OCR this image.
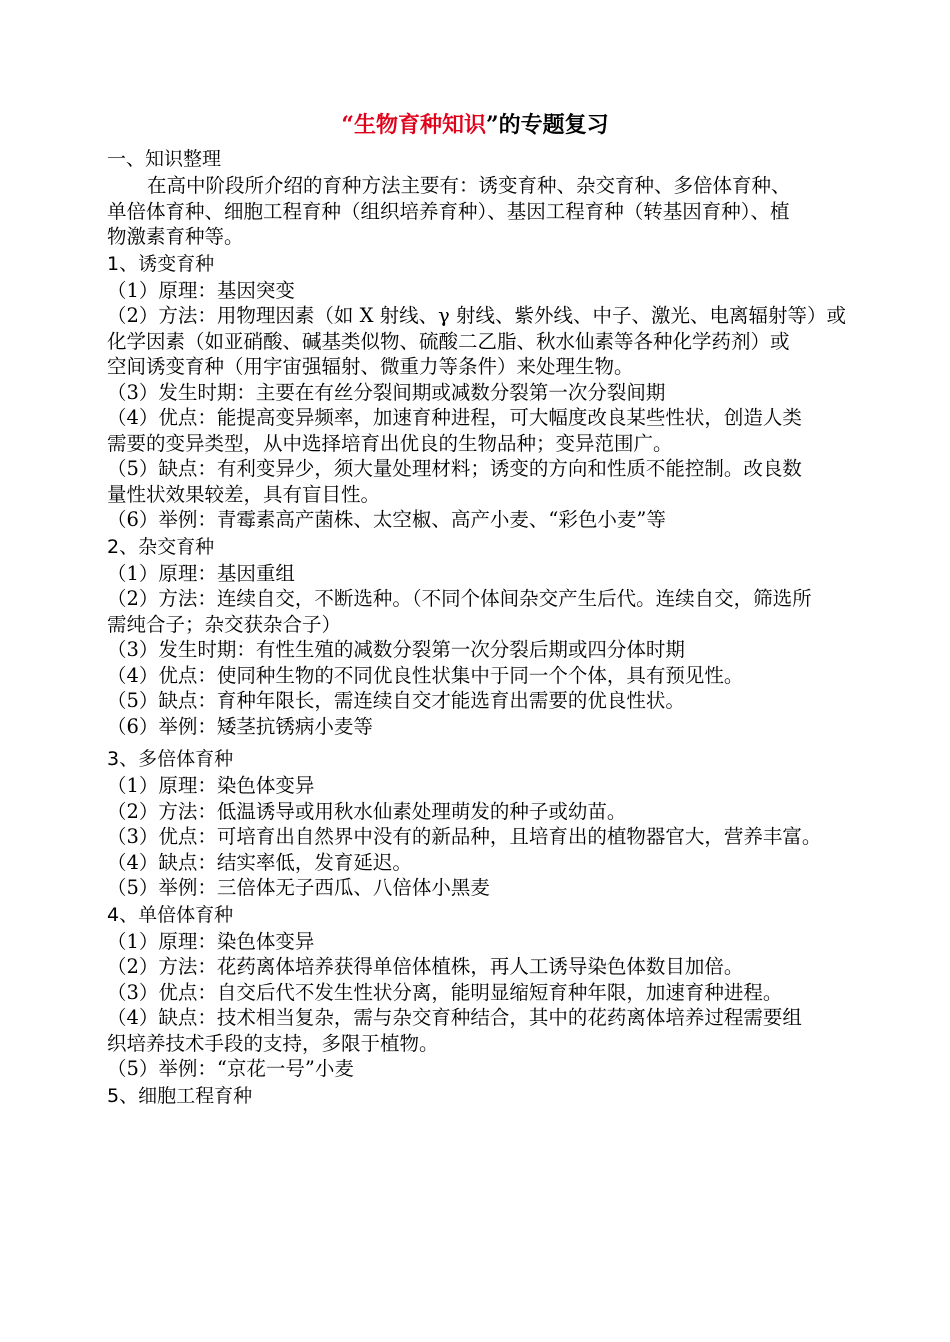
“生物育种知识”的专题复习
一、知识整理
在高中阶段所介绍的育种方法主要有：诱变育种、杂交育种、多倍体育种、
单倍体育种、细胞工程育种（组织培养育种）、基因工程育种（转基因育种）、植
物激素育种等。
1、诱变育种
（1）原理：基因突变
（2）方法：用物理因素（如 X 射线、γ 射线、紫外线、中子、激光、电离辐射等）或
化学因素（如亚硝酸、碱基类似物、硫酸二乙脂、秋水仙素等各种化学药剂）或
空间诱变育种（用宇宙强辐射、微重力等条件）来处理生物。
（3）发生时期：主要在有丝分裂间期或减数分裂第一次分裂间期
（4）优点：能提高变异频率，加速育种进程，可大幅度改良某些性状，创造人类
需要的变异类型，从中选择培育出优良的生物品种；变异范围广。
（5）缺点：有利变异少，须大量处理材料；诱变的方向和性质不能控制。改良数
量性状效果较差，具有盲目性。
（6）举例：青霉素高产菌株、太空椒、高产小麦、“彩色小麦”等
2、杂交育种
（1）原理：基因重组
（2）方法：连续自交，不断选种。（不同个体间杂交产生后代。连续自交，筛选所
需纯合子；杂交获杂合子）
（3）发生时期：有性生殖的减数分裂第一次分裂后期或四分体时期
（4）优点：使同种生物的不同优良性状集中于同一个个体，具有预见性。
（5）缺点：育种年限长，需连续自交才能选育出需要的优良性状。
（6）举例：矮茎抗锈病小麦等
3、多倍体育种
（1）原理：染色体变异
（2）方法：低温诱导或用秋水仙素处理萌发的种子或幼苗。
（3）优点：可培育出自然界中没有的新品种，且培育出的植物器官大，营养丰富。
（4）缺点：结实率低，发育延迟。
（5）举例：三倍体无子西瓜、八倍体小黑麦
4、单倍体育种
（1）原理：染色体变异
（2）方法：花药离体培养获得单倍体植株，再人工诱导染色体数目加倍。
（3）优点：自交后代不发生性状分离，能明显缩短育种年限，加速育种进程。
（4）缺点：技术相当复杂，需与杂交育种结合，其中的花药离体培养过程需要组
织培养技术手段的支持，多限于植物。
（5）举例：“京花一号”小麦
5、细胞工程育种
